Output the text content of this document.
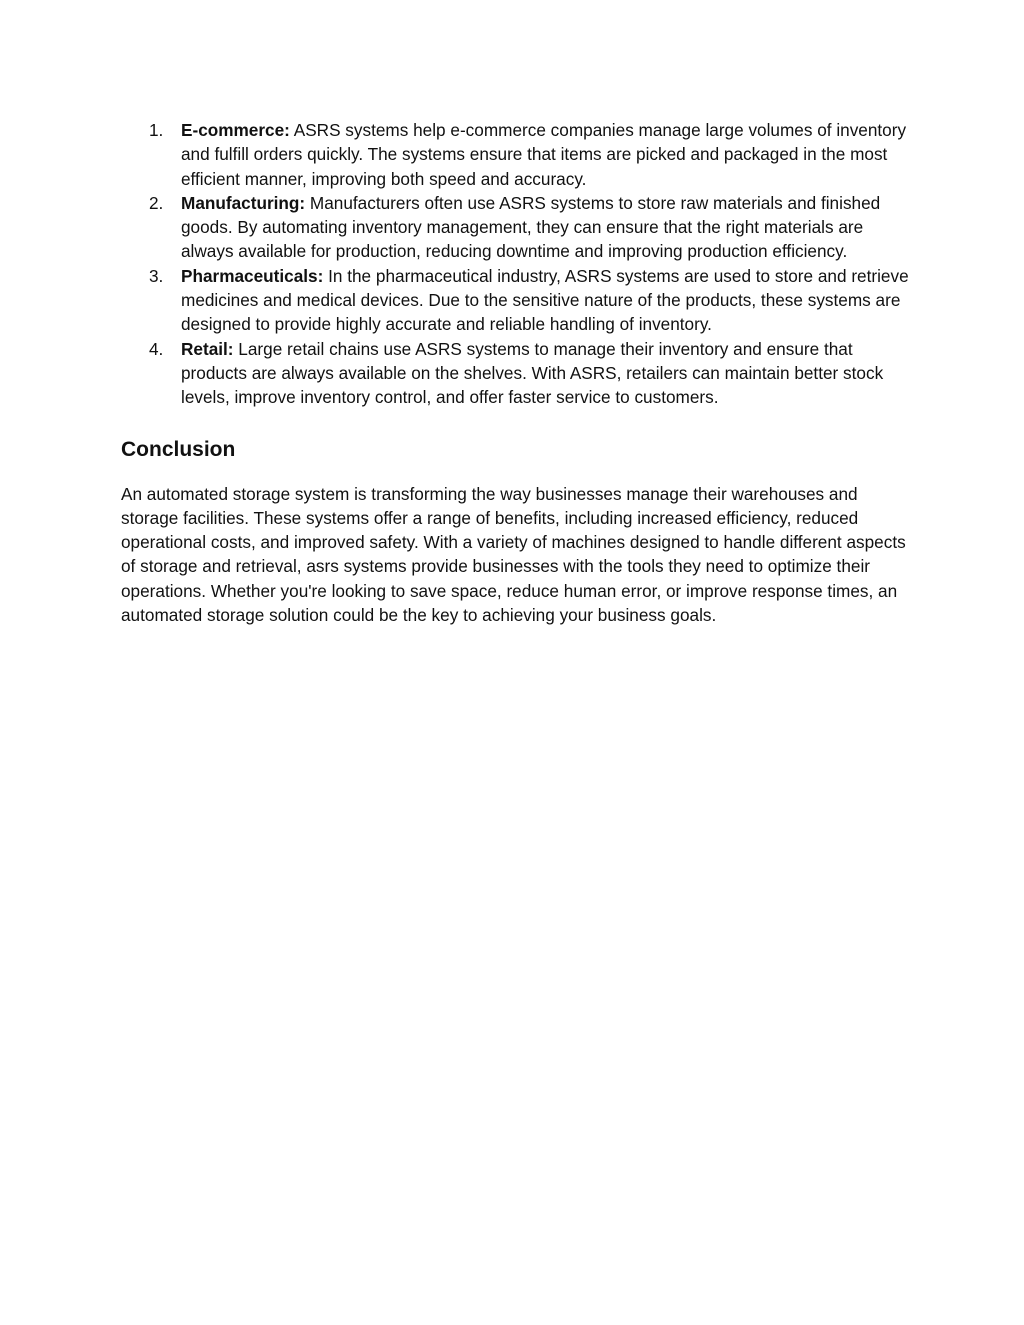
1. E-commerce: ASRS systems help e-commerce companies manage large volumes of inventory and fulfill orders quickly. The systems ensure that items are picked and packaged in the most efficient manner, improving both speed and accuracy.
2. Manufacturing: Manufacturers often use ASRS systems to store raw materials and finished goods. By automating inventory management, they can ensure that the right materials are always available for production, reducing downtime and improving production efficiency.
3. Pharmaceuticals: In the pharmaceutical industry, ASRS systems are used to store and retrieve medicines and medical devices. Due to the sensitive nature of the products, these systems are designed to provide highly accurate and reliable handling of inventory.
4. Retail: Large retail chains use ASRS systems to manage their inventory and ensure that products are always available on the shelves. With ASRS, retailers can maintain better stock levels, improve inventory control, and offer faster service to customers.
Conclusion

An automated storage system is transforming the way businesses manage their warehouses and storage facilities. These systems offer a range of benefits, including increased efficiency, reduced operational costs, and improved safety. With a variety of machines designed to handle different aspects of storage and retrieval, asrs systems provide businesses with the tools they need to optimize their operations. Whether you're looking to save space, reduce human error, or improve response times, an automated storage solution could be the key to achieving your business goals.
